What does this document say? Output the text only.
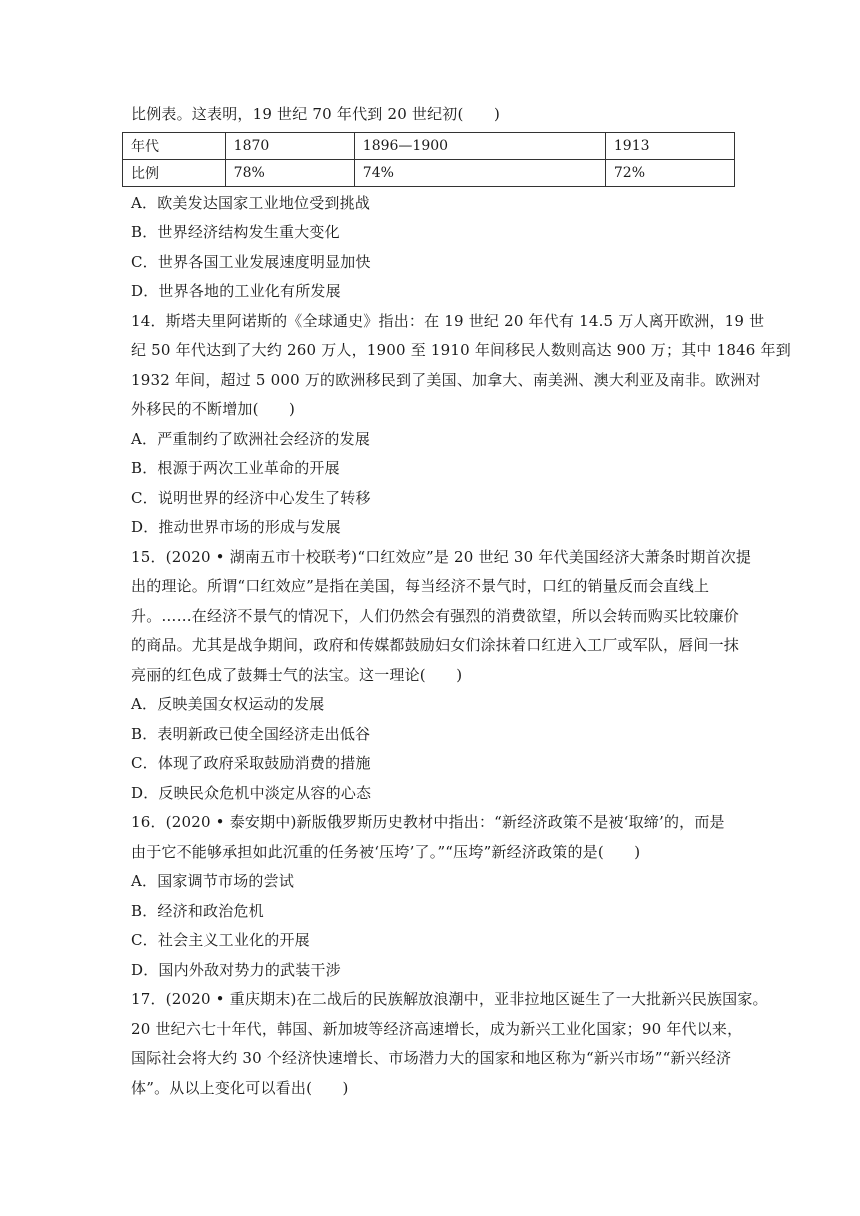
比例表。这表明，19 世纪 70 年代到 20 世纪初(　　)
年代	1870	1896—1900	1913
比例	78%	74%	72%
A．欧美发达国家工业地位受到挑战
B．世界经济结构发生重大变化
C．世界各国工业发展速度明显加快
D．世界各地的工业化有所发展
14．斯塔夫里阿诺斯的《全球通史》指出：在 19 世纪 20 年代有 14.5 万人离开欧洲，19 世
纪 50 年代达到了大约 260 万人，1900 至 1910 年间移民人数则高达 900 万；其中 1846 年到
1932 年间，超过 5 000 万的欧洲移民到了美国、加拿大、南美洲、澳大利亚及南非。欧洲对
外移民的不断增加(　　)
A．严重制约了欧洲社会经济的发展
B．根源于两次工业革命的开展
C．说明世界的经济中心发生了转移
D．推动世界市场的形成与发展
15．(2020 • 湖南五市十校联考)“口红效应”是 20 世纪 30 年代美国经济大萧条时期首次提
出的理论。所谓“口红效应”是指在美国，每当经济不景气时，口红的销量反而会直线上
升。……在经济不景气的情况下，人们仍然会有强烈的消费欲望，所以会转而购买比较廉价
的商品。尤其是战争期间，政府和传媒都鼓励妇女们涂抹着口红进入工厂或军队，唇间一抹
亮丽的红色成了鼓舞士气的法宝。这一理论(　　)
A．反映美国女权运动的发展
B．表明新政已使全国经济走出低谷
C．体现了政府采取鼓励消费的措施
D．反映民众危机中淡定从容的心态
16．(2020 • 泰安期中)新版俄罗斯历史教材中指出：“新经济政策不是被‘取缔’的，而是
由于它不能够承担如此沉重的任务被‘压垮’了。”“压垮”新经济政策的是(　　)
A．国家调节市场的尝试
B．经济和政治危机
C．社会主义工业化的开展
D．国内外敌对势力的武装干涉
17．(2020 • 重庆期末)在二战后的民族解放浪潮中，亚非拉地区诞生了一大批新兴民族国家。
20 世纪六七十年代，韩国、新加坡等经济高速增长，成为新兴工业化国家；90 年代以来，
国际社会将大约 30 个经济快速增长、市场潜力大的国家和地区称为“新兴市场”“新兴经济
体”。从以上变化可以看出(　　)
